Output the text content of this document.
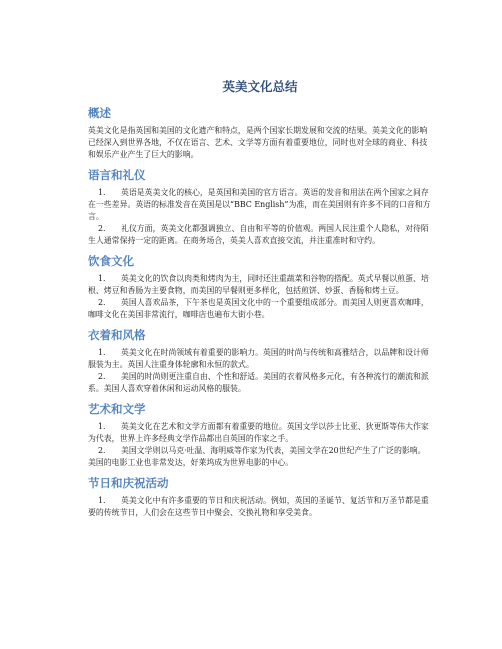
英美文化总结
概述

英美文化是指英国和美国的文化遗产和特点，是两个国家长期发展和交流的结果。英美文化的影响已经深入到世界各地，不仅在语言、艺术、文学等方面有着重要地位，同时也对全球的商业、科技和娱乐产业产生了巨大的影响。

语言和礼仪

1. 英语是英美文化的核心，是英国和美国的官方语言。英语的发音和用法在两个国家之间存在一些差异。英语的标准发音在英国是以“BBC English”为准，而在美国则有许多不同的口音和方言。

2. 礼仪方面，英美文化都强调独立、自由和平等的价值观。两国人民注重个人隐私，对待陌生人通常保持一定的距离。在商务场合，英美人喜欢直接交流，并注重准时和守约。

饮食文化

1. 英美文化的饮食以肉类和烤肉为主，同时还注重蔬菜和谷物的搭配。英式早餐以煎蛋、培根、烤豆和香肠为主要食物，而美国的早餐则更多样化，包括煎饼、炒蛋、香肠和烤土豆。

2. 英国人喜欢品茶，下午茶也是英国文化中的一个重要组成部分。而美国人则更喜欢咖啡，咖啡文化在美国非常流行，咖啡店也遍布大街小巷。

衣着和风格

1. 英美文化在时尚领域有着重要的影响力。英国的时尚与传统和高雅结合，以品牌和设计师服装为主。英国人注重身体轮廓和永恒的款式。

2. 美国的时尚则更注重自由、个性和舒适。美国的衣着风格多元化，有各种流行的潮流和派系。美国人喜欢穿着休闲和运动风格的服装。

艺术和文学

1. 英美文化在艺术和文学方面都有着重要的地位。英国文学以莎士比亚、狄更斯等伟大作家为代表，世界上许多经典文学作品都出自英国的作家之手。

2. 美国文学则以马克·吐温、海明威等作家为代表，美国文学在20世纪产生了广泛的影响。美国的电影工业也非常发达，好莱坞成为世界电影的中心。

节日和庆祝活动

1. 英美文化中有许多重要的节日和庆祝活动。例如，英国的圣诞节、复活节和万圣节都是重要的传统节日，人们会在这些节日中聚会、交换礼物和享受美食。
